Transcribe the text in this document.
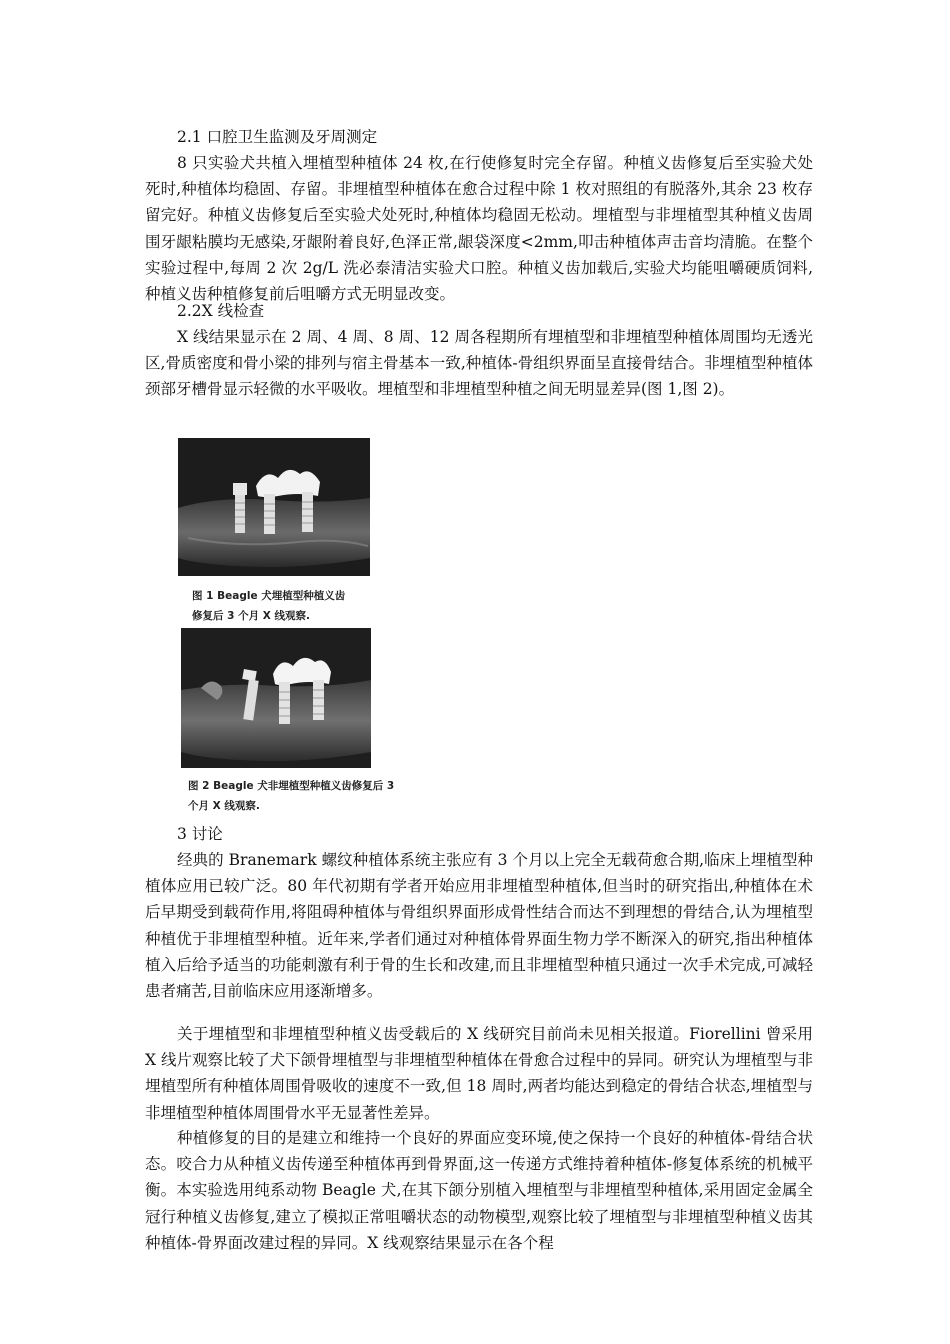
2.1 口腔卫生监测及牙周测定
8 只实验犬共植入埋植型种植体 24 枚,在行使修复时完全存留。种植义齿修复后至实验犬处死时,种植体均稳固、存留。非埋植型种植体在愈合过程中除 1 枚对照组的有脱落外,其余 23 枚存留完好。种植义齿修复后至实验犬处死时,种植体均稳固无松动。埋植型与非埋植型其种植义齿周围牙龈粘膜均无感染,牙龈附着良好,色泽正常,龈袋深度<2mm,叩击种植体声击音均清脆。在整个实验过程中,每周 2 次 2g/L 洗必泰清洁实验犬口腔。种植义齿加载后,实验犬均能咀嚼硬质饲料,种植义齿种植修复前后咀嚼方式无明显改变。
2.2X 线检查
X 线结果显示在 2 周、4 周、8 周、12 周各程期所有埋植型和非埋植型种植体周围均无透光区,骨质密度和骨小梁的排列与宿主骨基本一致,种植体-骨组织界面呈直接骨结合。非埋植型种植体颈部牙槽骨显示轻微的水平吸收。埋植型和非埋植型种植之间无明显差异(图 1,图 2)。
图 1 Beagle 犬埋植型种植义齿
修复后 3 个月 X 线观察.
图 2 Beagle 犬非埋植型种植义齿修复后 3
个月 X 线观察.
3 讨论
经典的 Branemark 螺纹种植体系统主张应有 3 个月以上完全无载荷愈合期,临床上埋植型种植体应用已较广泛。80 年代初期有学者开始应用非埋植型种植体,但当时的研究指出,种植体在术后早期受到载荷作用,将阻碍种植体与骨组织界面形成骨性结合而达不到理想的骨结合,认为埋植型种植优于非埋植型种植。近年来,学者们通过对种植体骨界面生物力学不断深入的研究,指出种植体植入后给予适当的功能刺激有利于骨的生长和改建,而且非埋植型种植只通过一次手术完成,可减轻患者痛苦,目前临床应用逐渐增多。
关于埋植型和非埋植型种植义齿受载后的 X 线研究目前尚未见相关报道。Fiorellini 曾采用 X 线片观察比较了犬下颌骨埋植型与非埋植型种植体在骨愈合过程中的异同。研究认为埋植型与非埋植型所有种植体周围骨吸收的速度不一致,但 18 周时,两者均能达到稳定的骨结合状态,埋植型与非埋植型种植体周围骨水平无显著性差异。
种植修复的目的是建立和维持一个良好的界面应变环境,使之保持一个良好的种植体-骨结合状态。咬合力从种植义齿传递至种植体再到骨界面,这一传递方式维持着种植体-修复体系统的机械平衡。本实验选用纯系动物 Beagle 犬,在其下颌分别植入埋植型与非埋植型种植体,采用固定金属全冠行种植义齿修复,建立了模拟正常咀嚼状态的动物模型,观察比较了埋植型与非埋植型种植义齿其种植体-骨界面改建过程的异同。X 线观察结果显示在各个程
